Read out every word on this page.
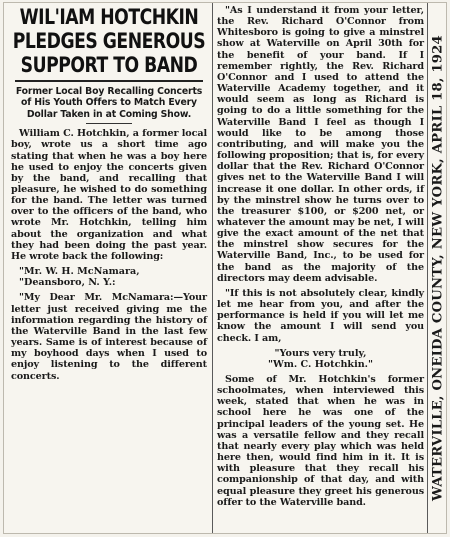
WIL'IAM HOTCHKIN
PLEDGES GENEROUS
SUPPORT TO BAND

Former Local Boy Recalling Concerts of His Youth Offers to Match Every Dollar Taken in at Coming Show.

William C. Hotchkin, a former local boy, wrote us a short time ago stating that when he was a boy here he used to enjoy the concerts given by the band, and recalling that pleasure, he wished to do something for the band. The letter was turned over to the officers of the band, who wrote Mr. Hotchkin, telling him about the organization and what they had been doing the past year. He wrote back the following:

"Mr. W. H. McNamara,

"Deansboro, N. Y.:

"My Dear Mr. McNamara:—Your letter just received giving me the information regarding the history of the Waterville Band in the last few years. Same is of interest because of my boyhood days when I used to enjoy listening to the different concerts.

"As I understand it from your letter, the Rev. Richard O'Connor from Whitesboro is going to give a minstrel show at Waterville on April 30th for the benefit of your band. If I remember rightly, the Rev. Richard O'Connor and I used to attend the Waterville Academy together, and it would seem as long as Richard is going to do a little something for the Waterville Band I feel as though I would like to be among those contributing, and will make you the following proposition; that is, for every dollar that the Rev. Richard O'Connor gives net to the Waterville Band I will increase it one dollar. In other ords, if by the minstrel show he turns over to the treasurer $100, or $200 net, or whatever the amount may be net, I will give the exact amount of the net that the minstrel show secures for the Waterville Band, Inc., to be used for the band as the majority of the directors may deem advisable.

"If this is not absolutely clear, kindly let me hear from you, and after the performance is held if you will let me know the amount I will send you check. I am,

"Yours very truly,

"Wm. C. Hotchkin."

Some of Mr. Hotchkin's former schoolmates, when interviewed this week, stated that when he was in school here he was one of the principal leaders of the young set. He was a versatile fellow and they recall that nearly every play which was held here then, would find him in it. It is with pleasure that they recall his companionship of that day, and with equal pleasure they greet his generous offer to the Waterville band.

WATERVILLE, ONEIDA COUNTY, NEW YORK, APRIL 18, 1924
